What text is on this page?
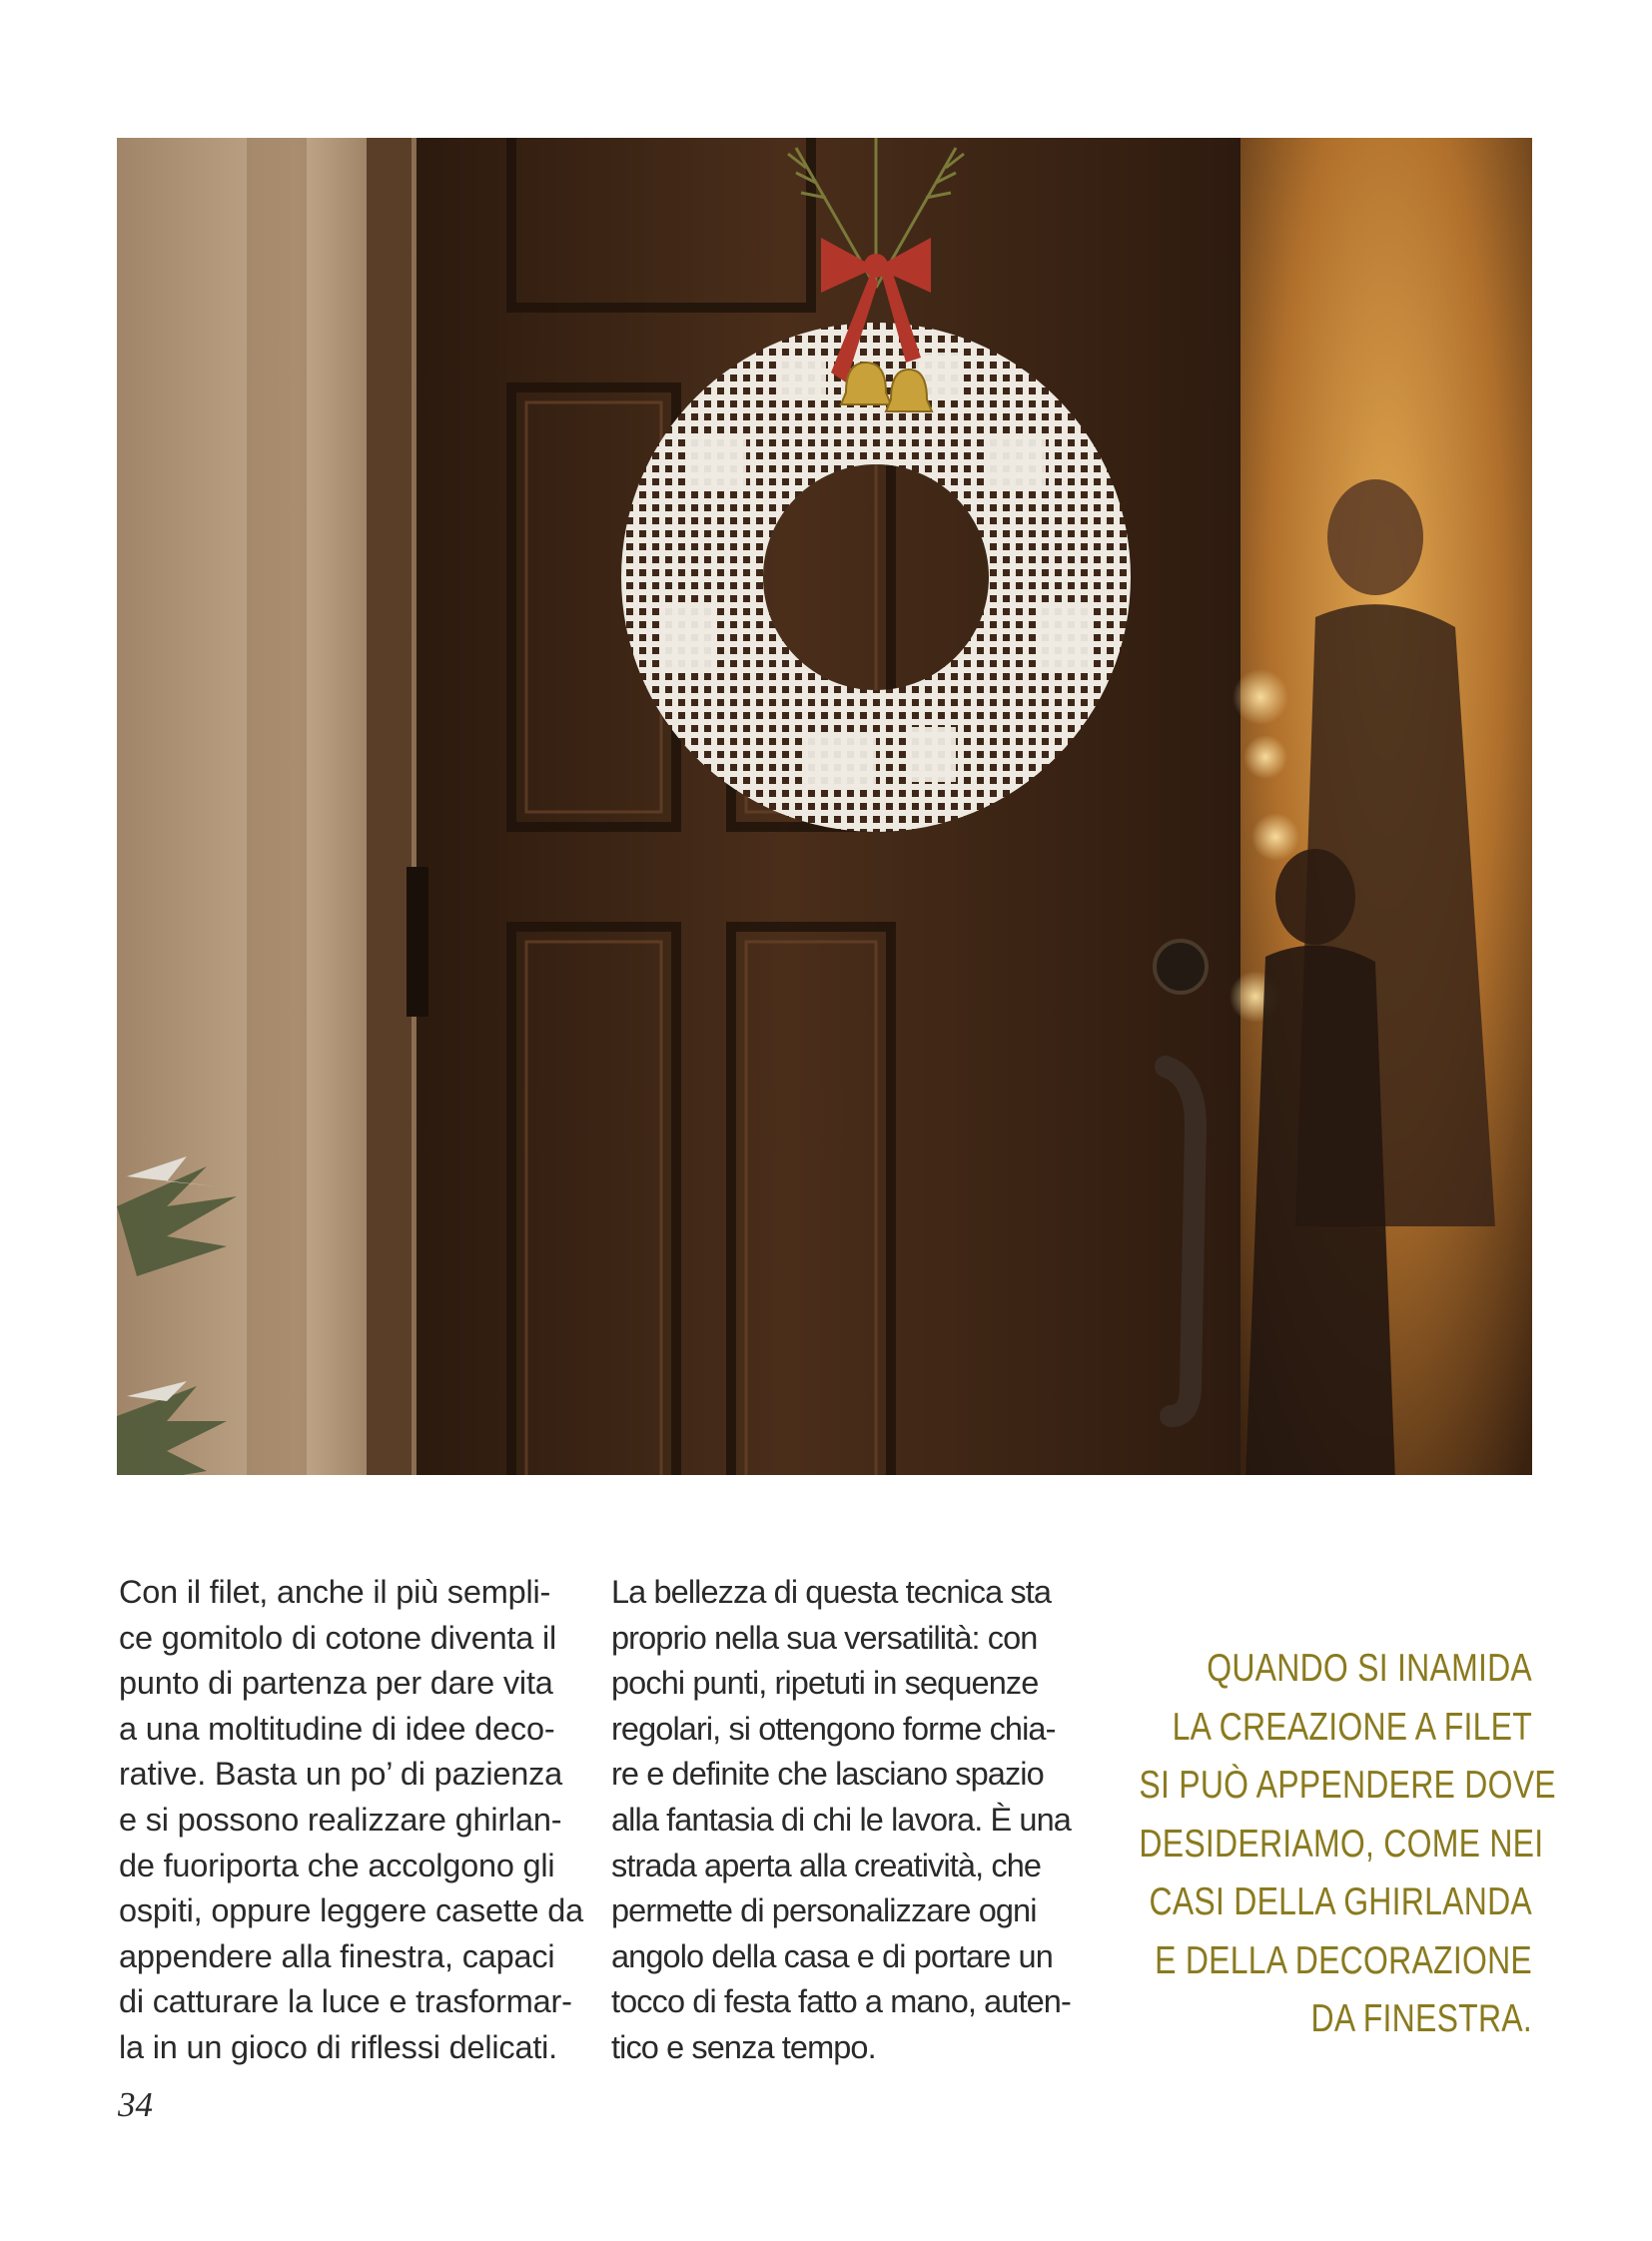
Con il filet, anche il più sempli-
ce gomitolo di cotone diventa il
punto di partenza per dare vita
a una moltitudine di idee deco-
rative. Basta un po’ di pazienza
e si possono realizzare ghirlan-
de fuoriporta che accolgono gli
ospiti, oppure leggere casette da
appendere alla finestra, capaci
di catturare la luce e trasformar-
la in un gioco di riflessi delicati.
La bellezza di questa tecnica sta
proprio nella sua versatilità: con
pochi punti, ripetuti in sequenze
regolari, si ottengono forme chia-
re e definite che lasciano spazio
alla fantasia di chi le lavora. È una
strada aperta alla creatività, che
permette di personalizzare ogni
angolo della casa e di portare un
tocco di festa fatto a mano, auten-
tico e senza tempo.
QUANDO SI INAMIDA
LA CREAZIONE A FILET
SI PUÒ APPENDERE DOVE
DESIDERIAMO, COME NEI
CASI DELLA GHIRLANDA
E DELLA DECORAZIONE
DA FINESTRA.
34
